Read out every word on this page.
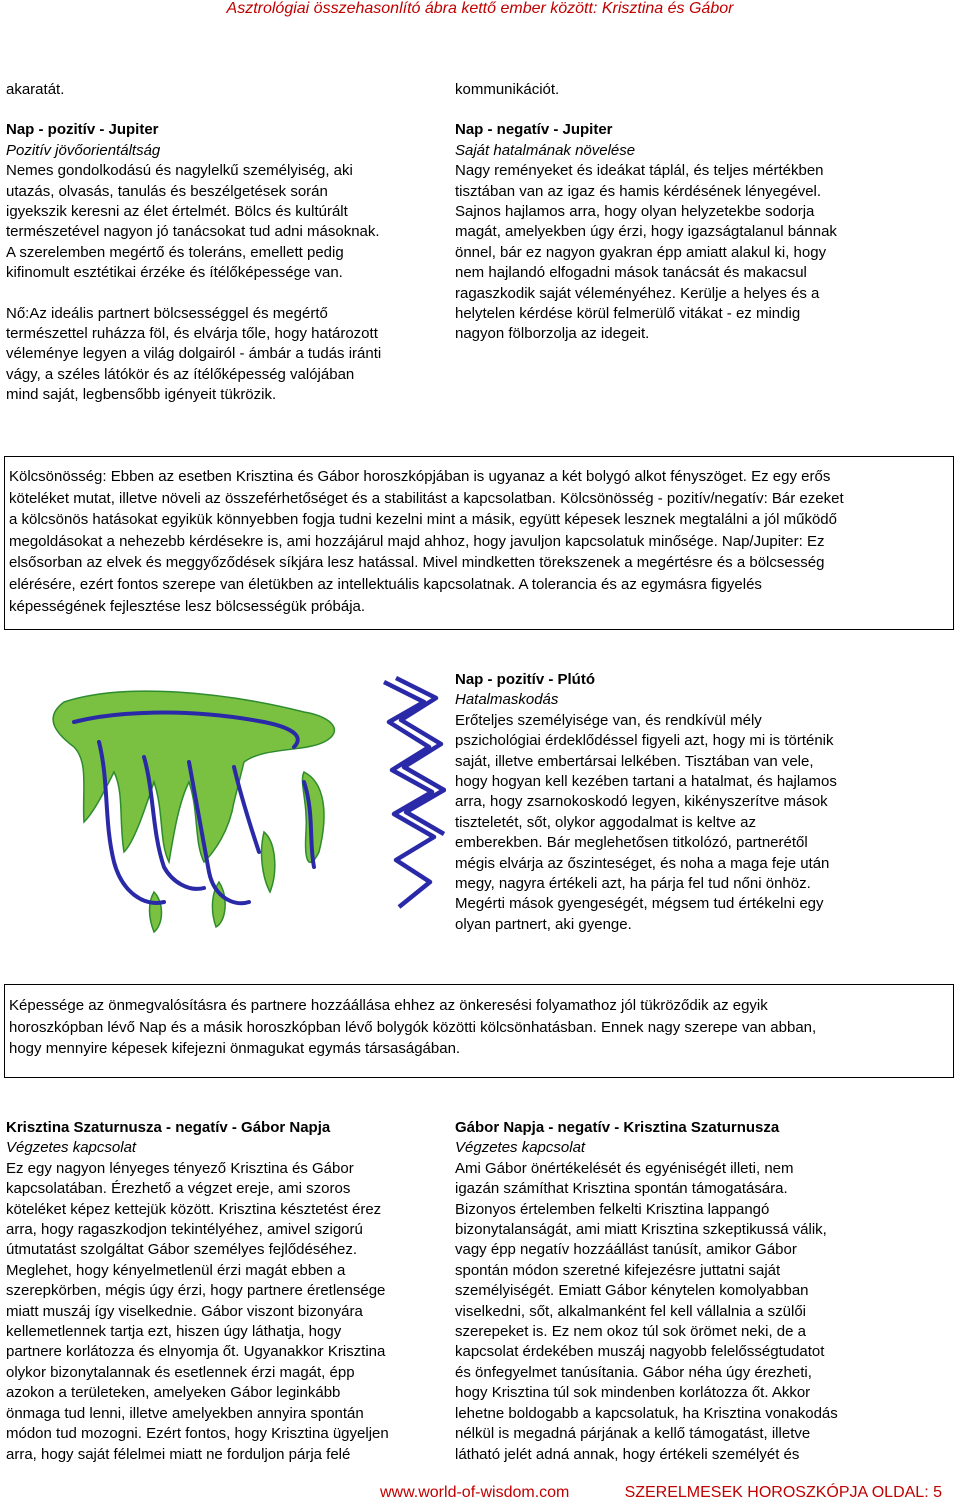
Asztrológiai összehasonlító ábra kettő ember között: Krisztina és Gábor

akaratát.

Nap - pozitív - Jupiter

Pozitív jövőorientáltság

Nemes gondolkodású és nagylelkű személyiség, aki

utazás, olvasás, tanulás és beszélgetések során

igyekszik keresni az élet értelmét. Bölcs és kultúrált

természetével nagyon jó tanácsokat tud adni másoknak.

A szerelemben megértő és toleráns, emellett pedig

kifinomult esztétikai érzéke és ítélőképessége van.

Nő:Az ideális partnert bölcsességgel és megértő

természettel ruházza föl, és elvárja tőle, hogy határozott

véleménye legyen a világ dolgairól - ámbár a tudás iránti

vágy, a széles látókör és az ítélőképesség valójában

mind saját, legbensőbb igényeit tükrözik.

kommunikációt.

Nap - negatív - Jupiter

Saját hatalmának növelése

Nagy reményeket és ideákat táplál, és teljes mértékben

tisztában van az igaz és hamis kérdésének lényegével.

Sajnos hajlamos arra, hogy olyan helyzetekbe sodorja

magát, amelyekben úgy érzi, hogy igazságtalanul bánnak

önnel, bár ez nagyon gyakran épp amiatt alakul ki, hogy

nem hajlandó elfogadni mások tanácsát és makacsul

ragaszkodik saját véleményéhez. Kerülje a helyes és a

helytelen kérdése körül felmerülő vitákat - ez mindig

nagyon fölborzolja az idegeit.

Kölcsönösség: Ebben az esetben Krisztina és Gábor horoszkópjában is ugyanaz a két bolygó alkot fényszöget. Ez egy erős

köteléket mutat, illetve növeli az összeférhetőséget és a stabilitást a kapcsolatban. Kölcsönösség - pozitív/negatív: Bár ezeket

a kölcsönös hatásokat egyikük könnyebben fogja tudni kezelni mint a másik, együtt képesek lesznek megtalálni a jól működő

megoldásokat a nehezebb kérdésekre is, ami hozzájárul majd ahhoz, hogy javuljon kapcsolatuk minősége. Nap/Jupiter: Ez

elsősorban az elvek és meggyőződések síkjára lesz hatással. Mivel mindketten törekszenek a megértésre és a bölcsesség

elérésére, ezért fontos szerepe van életükben az intellektuális kapcsolatnak. A tolerancia és az egymásra figyelés

képességének fejlesztése lesz bölcsességük próbája.

Nap - pozitív - Plútó

Hatalmaskodás

Erőteljes személyisége van, és rendkívül mély

pszichológiai érdeklődéssel figyeli azt, hogy mi is történik

saját, illetve embertársai lelkében. Tisztában van vele,

hogy hogyan kell kezében tartani a hatalmat, és hajlamos

arra, hogy zsarnokoskodó legyen, kikényszerítve mások

tiszteletét, sőt, olykor aggodalmat is keltve az

emberekben. Bár meglehetősen titkolózó, partnerétől

mégis elvárja az őszinteséget, és noha a maga feje után

megy, nagyra értékeli azt, ha párja fel tud nőni önhöz.

Megérti mások gyengeségét, mégsem tud értékelni egy

olyan partnert, aki gyenge.

Képessége az önmegvalósításra és partnere hozzáállása ehhez az önkeresési folyamathoz jól tükröződik az egyik

horoszkópban lévő Nap és a másik horoszkópban lévő bolygók közötti kölcsönhatásban. Ennek nagy szerepe van abban,

hogy mennyire képesek kifejezni önmagukat egymás társaságában.

Krisztina Szaturnusza - negatív - Gábor Napja

Végzetes kapcsolat

Ez egy nagyon lényeges tényező Krisztina és Gábor

kapcsolatában. Érezhető a végzet ereje, ami szoros

köteléket képez kettejük között. Krisztina késztetést érez

arra, hogy ragaszkodjon tekintélyéhez, amivel szigorú

útmutatást szolgáltat Gábor személyes fejlődéséhez.

Meglehet, hogy kényelmetlenül érzi magát ebben a

szerepkörben, mégis úgy érzi, hogy partnere éretlensége

miatt muszáj így viselkednie. Gábor viszont bizonyára

kellemetlennek tartja ezt, hiszen úgy láthatja, hogy

partnere korlátozza és elnyomja őt. Ugyanakkor Krisztina

olykor bizonytalannak és esetlennek érzi magát, épp

azokon a területeken, amelyeken Gábor leginkább

önmaga tud lenni, illetve amelyekben annyira spontán

módon tud mozogni. Ezért fontos, hogy Krisztina ügyeljen

arra, hogy saját félelmei miatt ne forduljon párja felé

Gábor Napja - negatív - Krisztina Szaturnusza

Végzetes kapcsolat

Ami Gábor önértékelését és egyéniségét illeti, nem

igazán számíthat Krisztina spontán támogatására.

Bizonyos értelemben felkelti Krisztina lappangó

bizonytalanságát, ami miatt Krisztina szkeptikussá válik,

vagy épp negatív hozzáállást tanúsít, amikor Gábor

spontán módon szeretné kifejezésre juttatni saját

személyiségét. Emiatt Gábor kénytelen komolyabban

viselkedni, sőt, alkalmanként fel kell vállalnia a szülői

szerepeket is. Ez nem okoz túl sok örömet neki, de a

kapcsolat érdekében muszáj nagyobb felelősségtudatot

és önfegyelmet tanúsítania. Gábor néha úgy érezheti,

hogy Krisztina túl sok mindenben korlátozza őt. Akkor

lehetne boldogabb a kapcsolatuk, ha Krisztina vonakodás

nélkül is megadná párjának a kellő támogatást, illetve

látható jelét adná annak, hogy értékeli személyét és

www.world-of-wisdom.com	SZERELMESEK HOROSZKÓPJA OLDAL: 5
